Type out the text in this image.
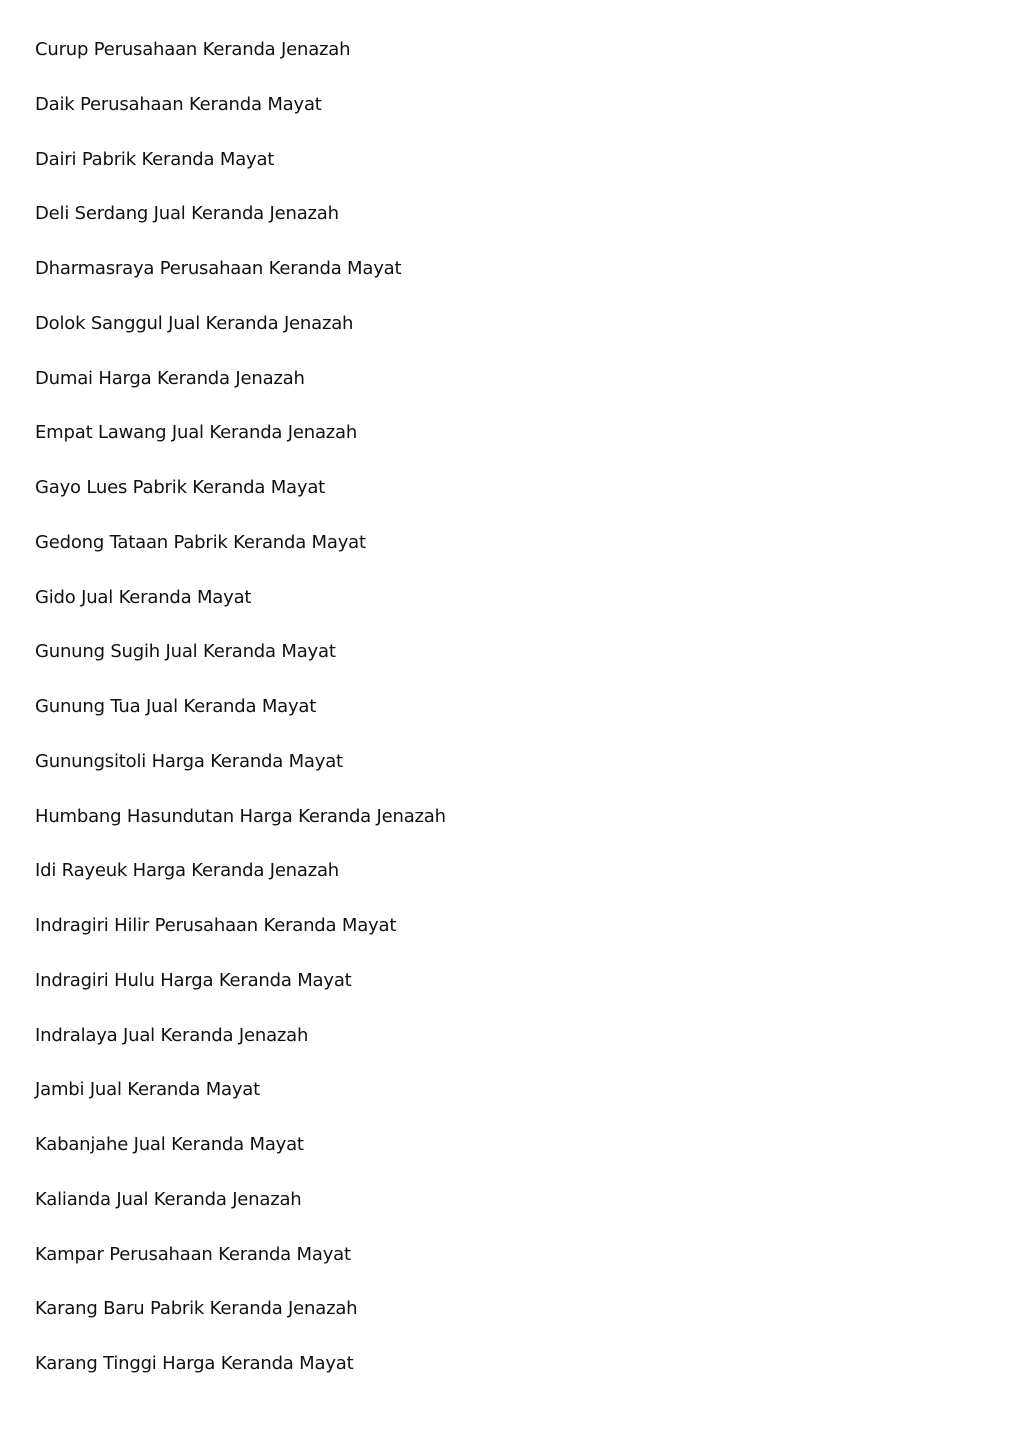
Curup Perusahaan Keranda Jenazah
Daik Perusahaan Keranda Mayat
Dairi Pabrik Keranda Mayat
Deli Serdang Jual Keranda Jenazah
Dharmasraya Perusahaan Keranda Mayat
Dolok Sanggul Jual Keranda Jenazah
Dumai Harga Keranda Jenazah
Empat Lawang Jual Keranda Jenazah
Gayo Lues Pabrik Keranda Mayat
Gedong Tataan Pabrik Keranda Mayat
Gido Jual Keranda Mayat
Gunung Sugih Jual Keranda Mayat
Gunung Tua Jual Keranda Mayat
Gunungsitoli Harga Keranda Mayat
Humbang Hasundutan Harga Keranda Jenazah
Idi Rayeuk Harga Keranda Jenazah
Indragiri Hilir Perusahaan Keranda Mayat
Indragiri Hulu Harga Keranda Mayat
Indralaya Jual Keranda Jenazah
Jambi Jual Keranda Mayat
Kabanjahe Jual Keranda Mayat
Kalianda Jual Keranda Jenazah
Kampar Perusahaan Keranda Mayat
Karang Baru Pabrik Keranda Jenazah
Karang Tinggi Harga Keranda Mayat
